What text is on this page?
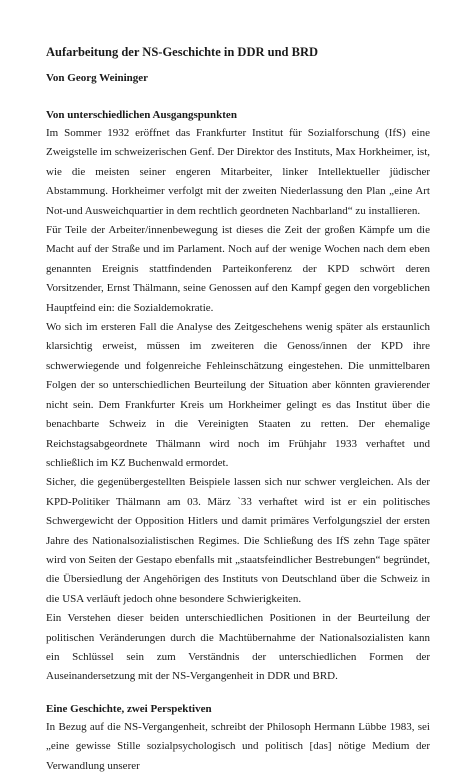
Aufarbeitung der NS-Geschichte in DDR und BRD
Von Georg Weininger
Von unterschiedlichen Ausgangspunkten

Im Sommer 1932 eröffnet das Frankfurter Institut für Sozialforschung (IfS) eine Zweigstelle im schweizerischen Genf. Der Direktor des Instituts, Max Horkheimer, ist, wie die meisten seiner engeren Mitarbeiter, linker Intellektueller jüdischer Abstammung. Horkheimer verfolgt mit der zweiten Niederlassung den Plan „eine Art Not-und Ausweichquartier in dem rechtlich geordneten Nachbarland“ zu installieren.

Für Teile der Arbeiter/innenbewegung ist dieses die Zeit der großen Kämpfe um die Macht auf der Straße und im Parlament. Noch auf der wenige Wochen nach dem eben genannten Ereignis stattfindenden Parteikonferenz der KPD schwört deren Vorsitzender, Ernst Thälmann, seine Genossen auf den Kampf gegen den vorgeblichen Hauptfeind ein: die Sozialdemokratie.

Wo sich im ersteren Fall die Analyse des Zeitgeschehens wenig später als erstaunlich klarsichtig erweist, müssen im zweiteren die Genoss/innen der KPD ihre schwerwiegende und folgenreiche Fehleinschätzung eingestehen. Die unmittelbaren Folgen der so unterschiedlichen Beurteilung der Situation aber könnten gravierender nicht sein. Dem Frankfurter Kreis um Horkheimer gelingt es das Institut über die benachbarte Schweiz in die Vereinigten Staaten zu retten. Der ehemalige Reichstagsabgeordnete Thälmann wird noch im Frühjahr 1933 verhaftet und schließlich im KZ Buchenwald ermordet.

Sicher, die gegenübergestellten Beispiele lassen sich nur schwer vergleichen. Als der KPD-Politiker Thälmann am 03. März `33 verhaftet wird ist er ein politisches Schwergewicht der Opposition Hitlers und damit primäres Verfolgungsziel der ersten Jahre des Nationalsozialistischen Regimes. Die Schließung des IfS zehn Tage später wird von Seiten der Gestapo ebenfalls mit „staatsfeindlicher Bestrebungen“ begründet, die Übersiedlung der Angehörigen des Instituts von Deutschland über die Schweiz in die USA verläuft jedoch ohne besondere Schwierigkeiten.

Ein Verstehen dieser beiden unterschiedlichen Positionen in der Beurteilung der politischen Veränderungen durch die Machtübernahme der Nationalsozialisten kann ein Schlüssel sein zum Verständnis der unterschiedlichen Formen der Auseinandersetzung mit der NS-Vergangenheit in DDR und BRD.

Eine Geschichte, zwei Perspektiven

In Bezug auf die NS-Vergangenheit, schreibt der Philosoph Hermann Lübbe 1983, sei „eine gewisse Stille sozialpsychologisch und politisch [das] nötige Medium der Verwandlung unserer
